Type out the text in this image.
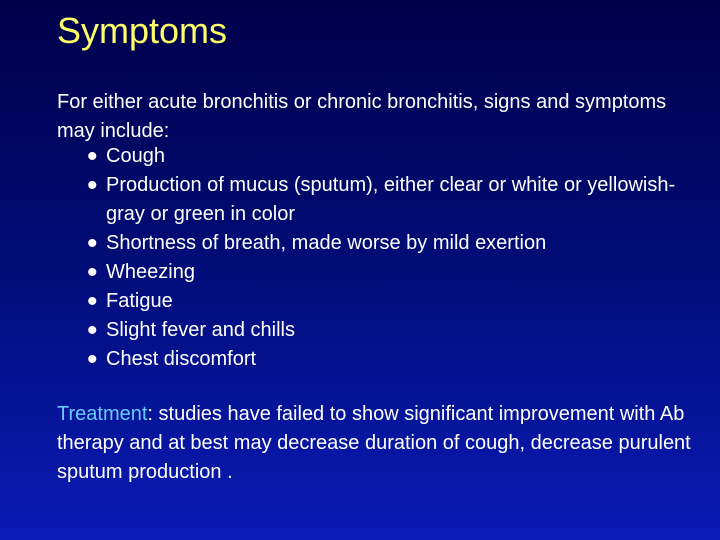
Symptoms
For either acute bronchitis or chronic bronchitis, signs and symptoms may include:
• Cough
• Production of mucus (sputum), either clear or white or yellowish-gray or green in color
• Shortness of breath, made worse by mild exertion
• Wheezing
• Fatigue
• Slight fever and chills
• Chest discomfort
Treatment: studies have failed to show significant improvement with Ab therapy and at best may decrease duration of cough, decrease purulent sputum production .
